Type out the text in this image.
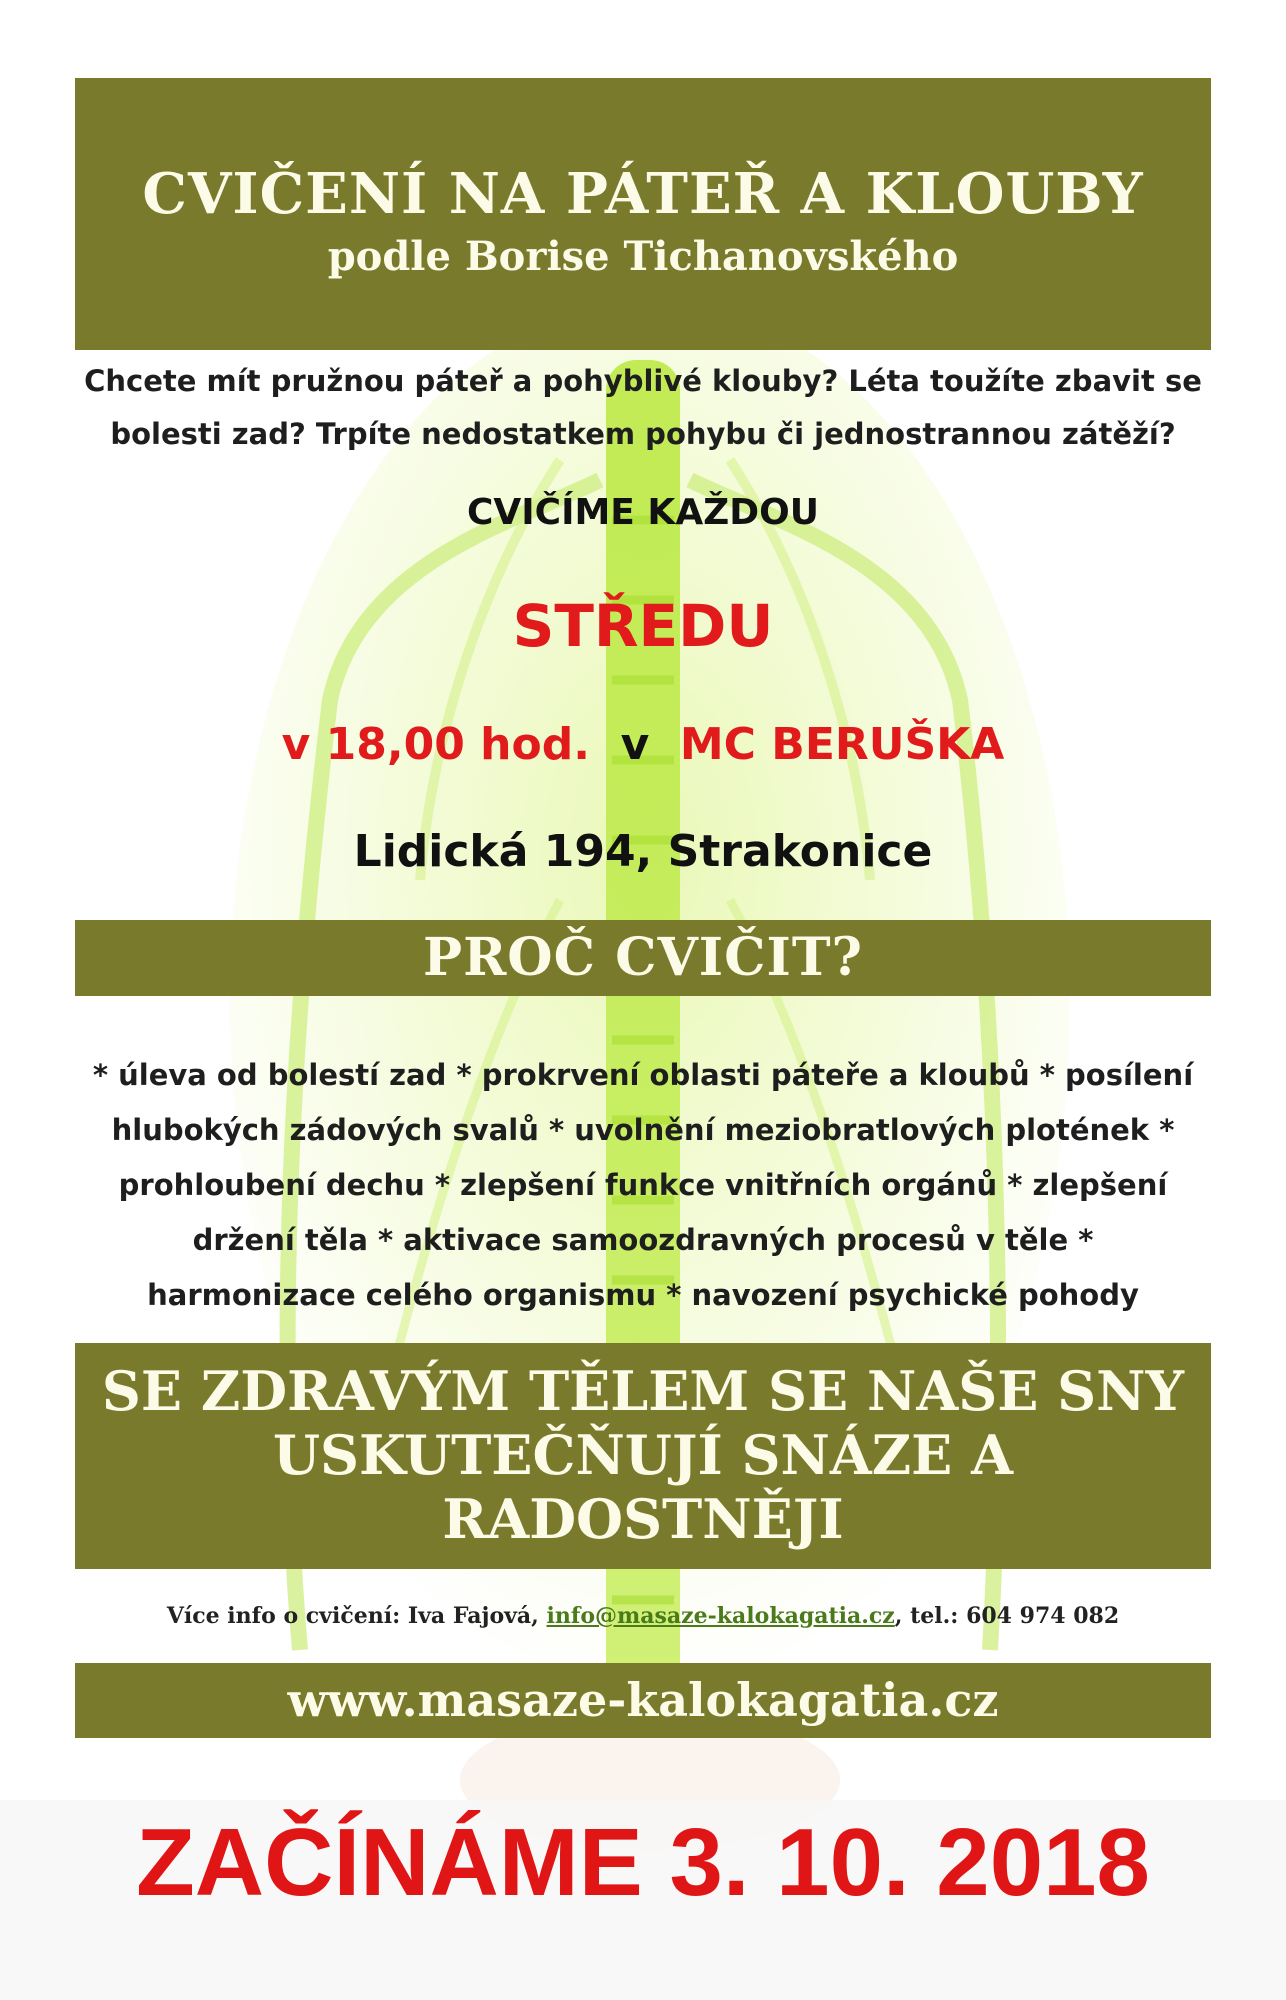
CVIČENÍ NA PÁTEŘ A KLOUBY
podle Borise Tichanovského
Chcete mít pružnou páteř a pohyblivé klouby? Léta toužíte zbavit se bolesti zad? Trpíte nedostatkem pohybu či jednostrannou zátěží?
CVIČÍME KAŽDOU
STŘEDU
v 18,00 hod. v MC BERUŠKA
Lidická 194, Strakonice
PROČ CVIČIT?
* úleva od bolestí zad * prokrvení oblasti páteře a kloubů * posílení hlubokých zádových svalů * uvolnění meziobratlových plotének * prohloubení dechu * zlepšení funkce vnitřních orgánů * zlepšení držení těla * aktivace samoozdravných procesů v těle * harmonizace celého organismu * navození psychické pohody
SE ZDRAVÝM TĚLEM SE NAŠE SNY USKUTEČŇUJÍ SNÁZE A RADOSTNĚJI
Více info o cvičení: Iva Fajová, info@masaze-kalokagatia.cz, tel.: 604 974 082
www.masaze-kalokagatia.cz
ZAČÍNÁME 3. 10. 2018
